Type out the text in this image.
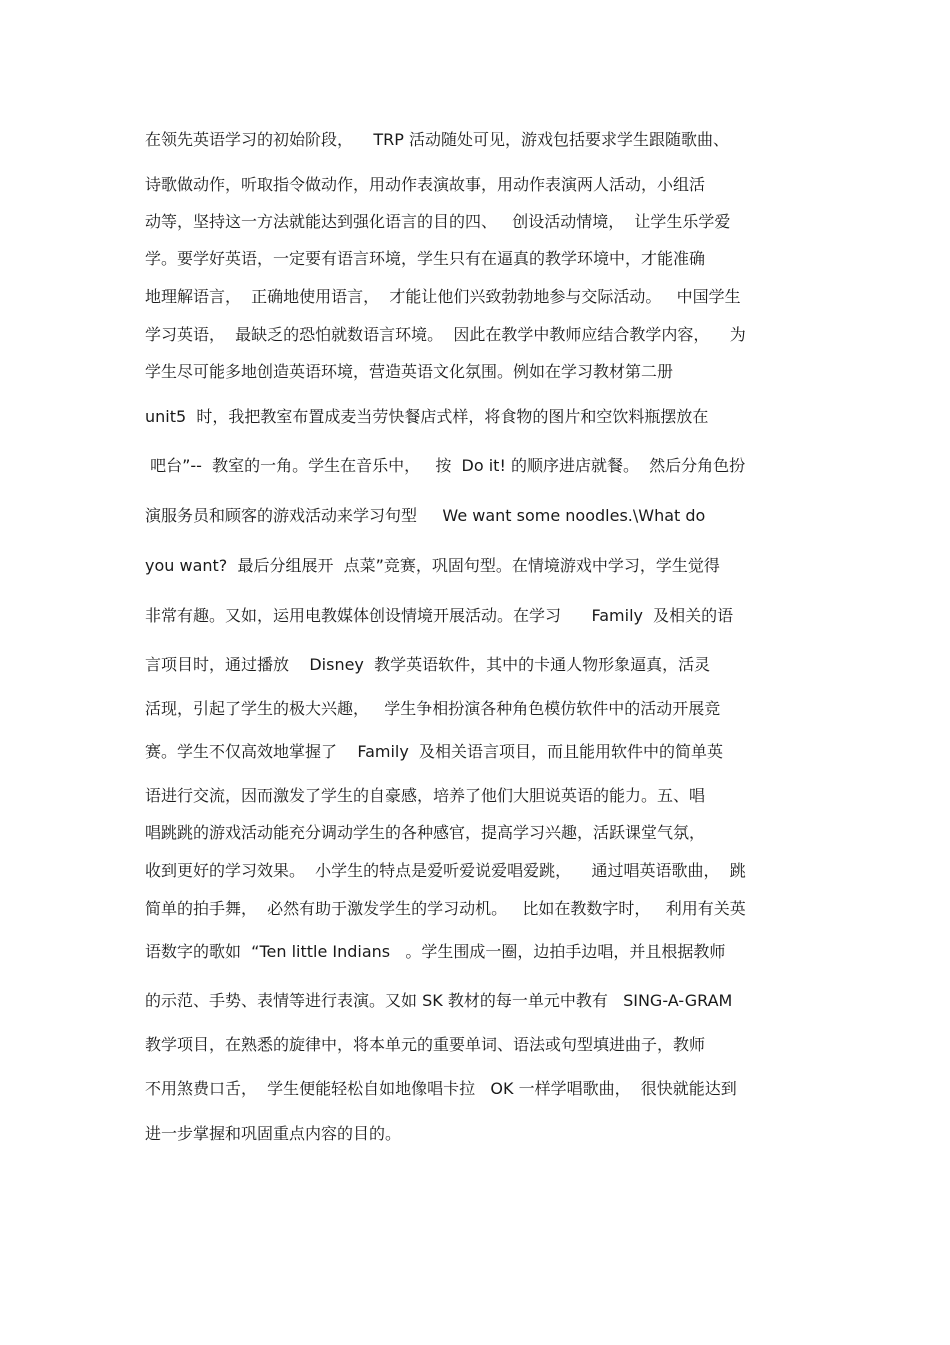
在领先英语学习的初始阶段，    TRP 活动随处可见，游戏包括要求学生跟随歌曲、
诗歌做动作，听取指令做动作，用动作表演故事，用动作表演两人活动，小组活
动等，坚持这一方法就能达到强化语言的目的四、   创设活动情境，  让学生乐学爱
学。要学好英语，一定要有语言环境，学生只有在逼真的教学环境中，才能准确
地理解语言，  正确地使用语言，  才能让他们兴致勃勃地参与交际活动。   中国学生
学习英语，  最缺乏的恐怕就数语言环境。  因此在教学中教师应结合教学内容，    为
学生尽可能多地创造英语环境，营造英语文化氛围。例如在学习教材第二册
unit5  时，我把教室布置成麦当劳快餐店式样，将食物的图片和空饮料瓶摆放在
吧台”--  教室的一角。学生在音乐中，   按  Do it! 的顺序进店就餐。  然后分角色扮
演服务员和顾客的游戏活动来学习句型     We want some noodles.\What do
you want?  最后分组展开  点菜”竞赛，巩固句型。在情境游戏中学习，学生觉得
非常有趣。又如，运用电教媒体创设情境开展活动。在学习      Family  及相关的语
言项目时，通过播放    Disney  教学英语软件，其中的卡通人物形象逼真，活灵
活现，引起了学生的极大兴趣，   学生争相扮演各种角色模仿软件中的活动开展竞
赛。学生不仅高效地掌握了    Family  及相关语言项目，而且能用软件中的简单英
语进行交流，因而激发了学生的自豪感，培养了他们大胆说英语的能力。五、唱
唱跳跳的游戏活动能充分调动学生的各种感官，提高学习兴趣，活跃课堂气氛，
收到更好的学习效果。  小学生的特点是爱听爱说爱唱爱跳，    通过唱英语歌曲，  跳
简单的拍手舞，  必然有助于激发学生的学习动机。   比如在教数字时，   利用有关英
语数字的歌如  “Ten little Indians   。学生围成一圈，边拍手边唱，并且根据教师
的示范、手势、表情等进行表演。又如 SK 教材的每一单元中教有   SING-A-GRAM
教学项目，在熟悉的旋律中，将本单元的重要单词、语法或句型填进曲子，教师
不用煞费口舌，  学生便能轻松自如地像唱卡拉   OK 一样学唱歌曲，  很快就能达到
进一步掌握和巩固重点内容的目的。
